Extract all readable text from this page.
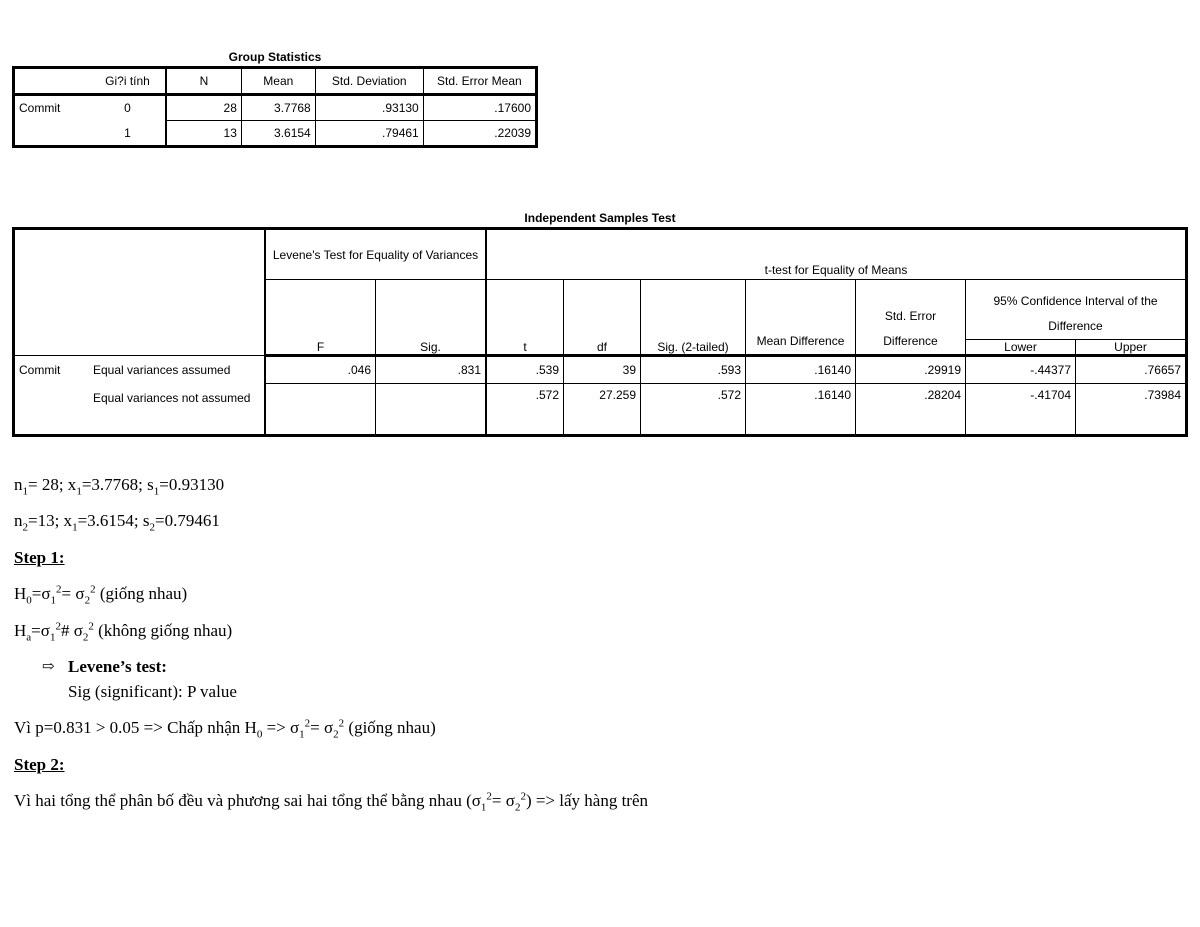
Group Statistics
	Gi?i tính	N	Mean	Std. Deviation	Std. Error Mean
Commit	0	28	3.7768	.93130	.17600
	1	13	3.6154	.79461	.22039
Independent Samples Test
		Levene's Test for Equality of Variances		t-test for Equality of Means						
		F	Sig.	t	df	Sig. (2-tailed)	Mean Difference	Std. Error Difference	95% Confidence Interval of the Difference
Lower Upper	

Commit	Equal variances assumed	.046	.831	.539	39	.593	.16140	.29919	-.44377	.76657
	Equal variances not assumed			.572	27.259	.572	.16140	.28204	-.41704	.73984
$n_1= 28$; $x_1=3.7768$; $s_1=0.93130$
$n_2=13$; $x_1=3.6154$; $s_2=0.79461$
Step 1:
$H_0=\sigma_1^2= \sigma_2^2$ (giống nhau)
$H_a=\sigma_1^2\#$ $\sigma_2^2$ (không giống nhau)
⇨ Levene’s test:
Sig (significant): P value
Vì p=0.831 > 0.05 => Chấp nhận $H_0 => \sigma_1^2= \sigma_2^2$ (giống nhau)
Step 2:
Vì hai tổng thể phân bố đều và phương sai hai tổng thể bằng nhau $(\sigma_1^2= \sigma_2^2)$ => lấy hàng trên
